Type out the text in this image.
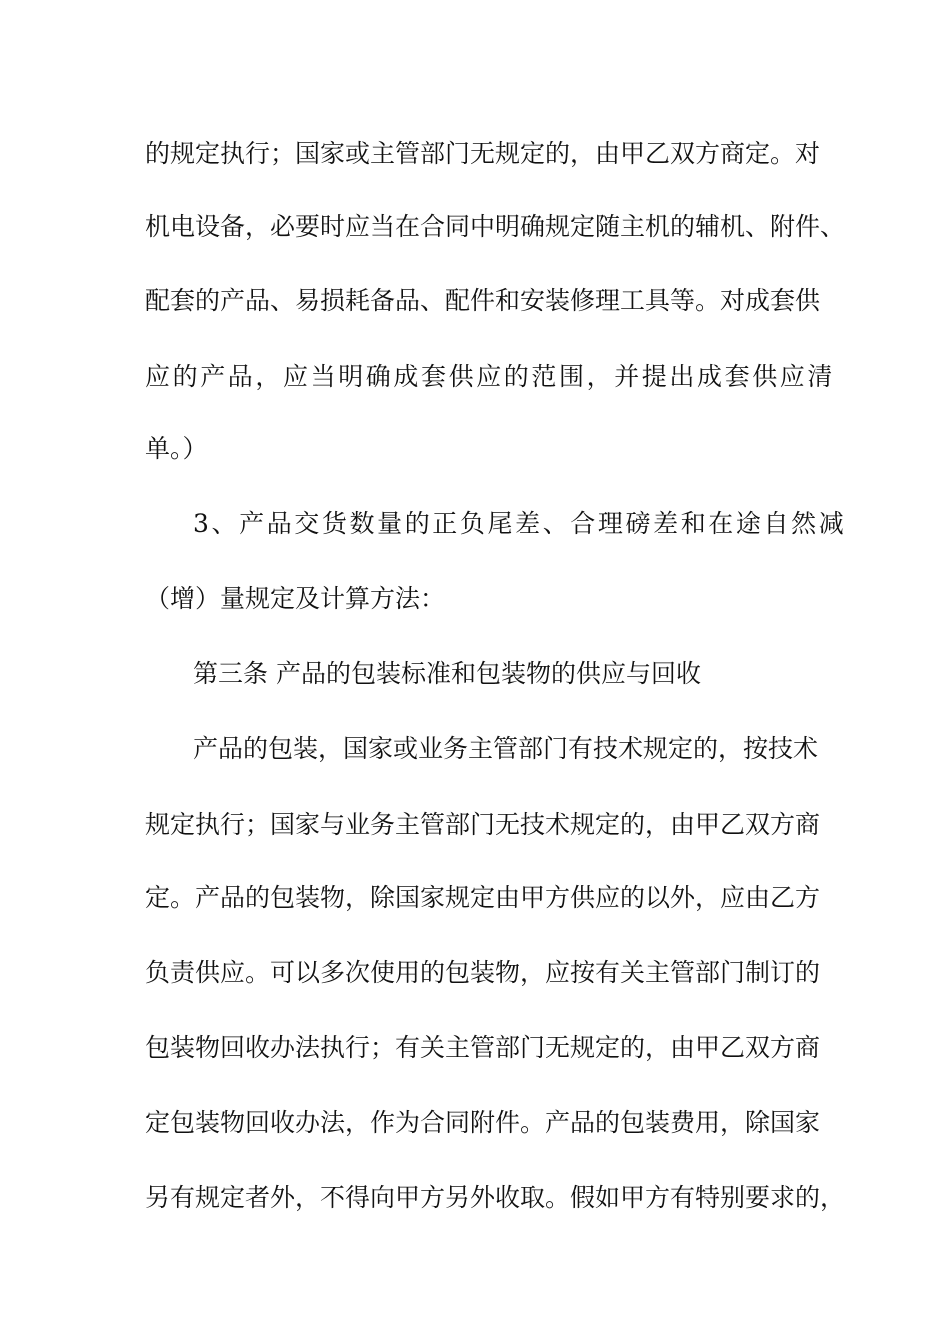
的规定执行；国家或主管部门无规定的，由甲乙双方商定。对
机电设备，必要时应当在合同中明确规定随主机的辅机、附件、
配套的产品、易损耗备品、配件和安装修理工具等。对成套供
应的产品，应当明确成套供应的范围，并提出成套供应清
单。）
3、产品交货数量的正负尾差、合理磅差和在途自然减
（增）量规定及计算方法：
第三条 产品的包装标准和包装物的供应与回收
产品的包装，国家或业务主管部门有技术规定的，按技术
规定执行；国家与业务主管部门无技术规定的，由甲乙双方商
定。产品的包装物，除国家规定由甲方供应的以外，应由乙方
负责供应。可以多次使用的包装物，应按有关主管部门制订的
包装物回收办法执行；有关主管部门无规定的，由甲乙双方商
定包装物回收办法，作为合同附件。产品的包装费用，除国家
另有规定者外，不得向甲方另外收取。假如甲方有特别要求的，
